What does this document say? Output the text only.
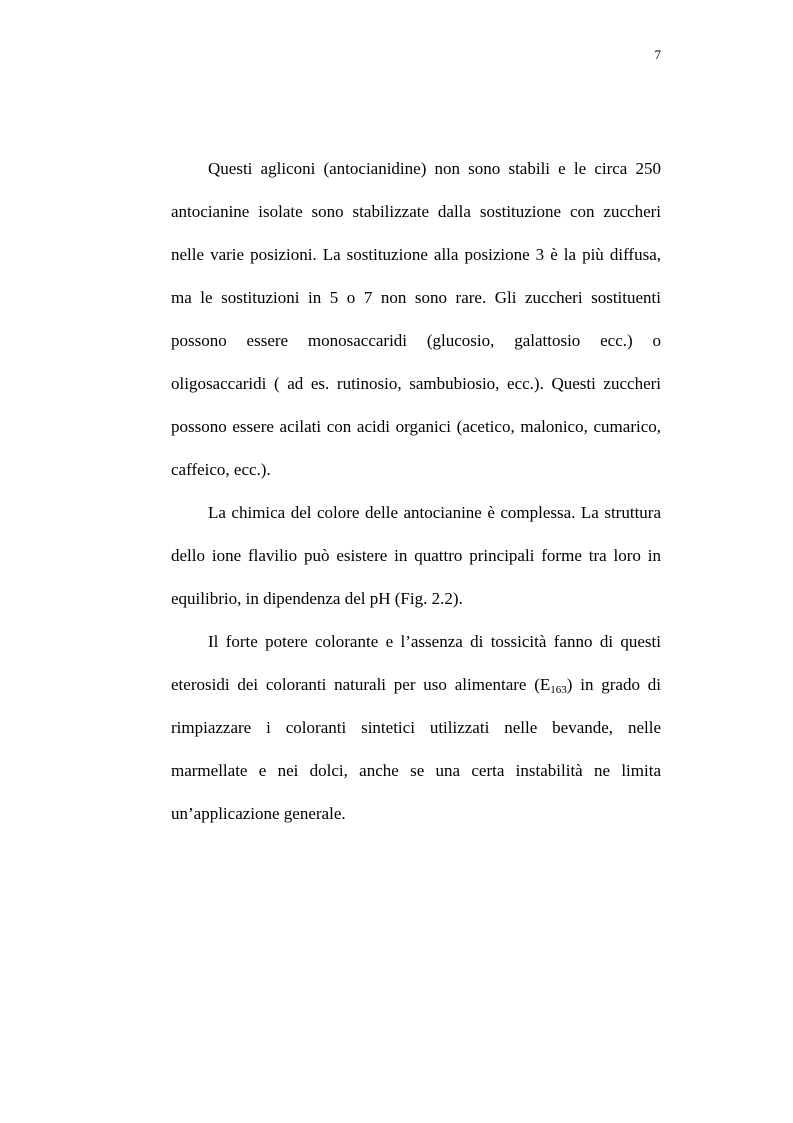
7

Questi agliconi (antocianidine) non sono stabili e le circa 250 antocianine isolate sono stabilizzate dalla sostituzione con zuccheri nelle varie posizioni. La sostituzione alla posizione 3 è la più diffusa, ma le sostituzioni in 5 o 7 non sono rare. Gli zuccheri sostituenti possono essere monosaccaridi (glucosio, galattosio ecc.) o oligosaccaridi ( ad es. rutinosio, sambubiosio, ecc.). Questi zuccheri possono essere acilati con acidi organici (acetico, malonico, cumarico, caffeico, ecc.).

La chimica del colore delle antocianine è complessa. La struttura dello ione flavilio può esistere in quattro principali forme tra loro in equilibrio, in dipendenza del pH (Fig. 2.2).

Il forte potere colorante e l’assenza di tossicità fanno di questi eterosidi dei coloranti naturali per uso alimentare $(E_{163})$ in grado di rimpiazzare i coloranti sintetici utilizzati nelle bevande, nelle marmellate e nei dolci, anche se una certa instabilità ne limita un’applicazione generale.
